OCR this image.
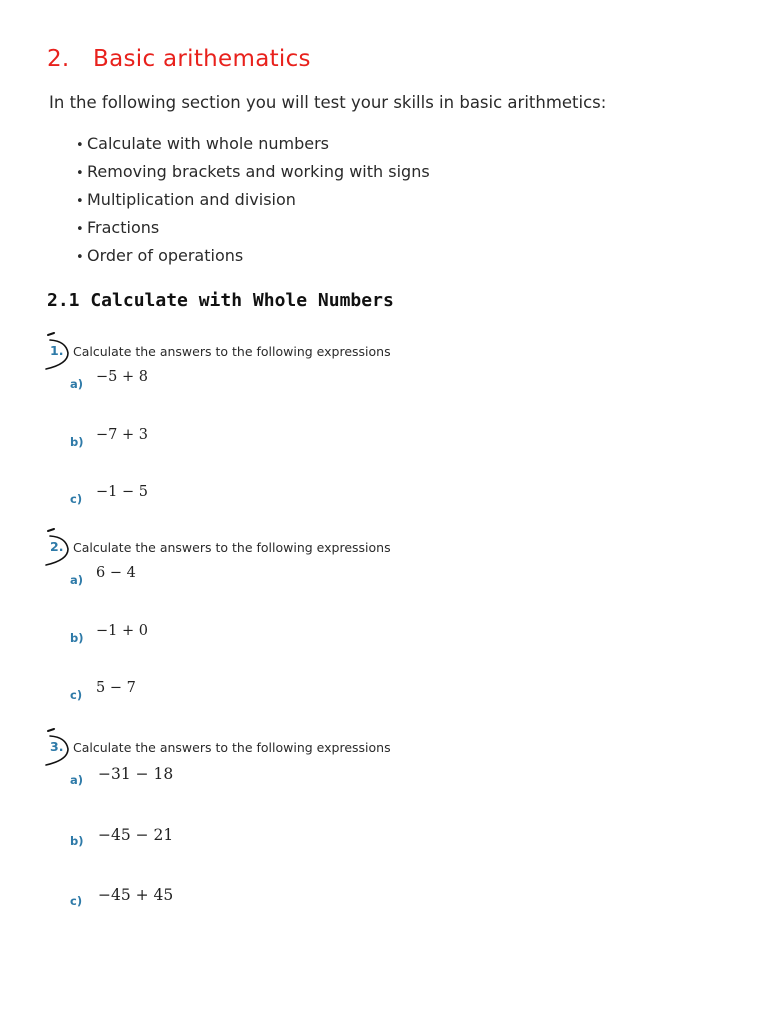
2. Basic arithematics

In the following section you will test your skills in basic arithmetics:

• Calculate with whole numbers
• Removing brackets and working with signs
• Multiplication and division
• Fractions
• Order of operations
2.1 Calculate with Whole Numbers
1. Calculate the answers to the following expressions
a) −5 + 8
b) −7 + 3
c) −1 − 5
2. Calculate the answers to the following expressions
a) 6 − 4
b) −1 + 0
c) 5 − 7
3. Calculate the answers to the following expressions
a) −31 − 18
b) −45 − 21
c) −45 + 45
